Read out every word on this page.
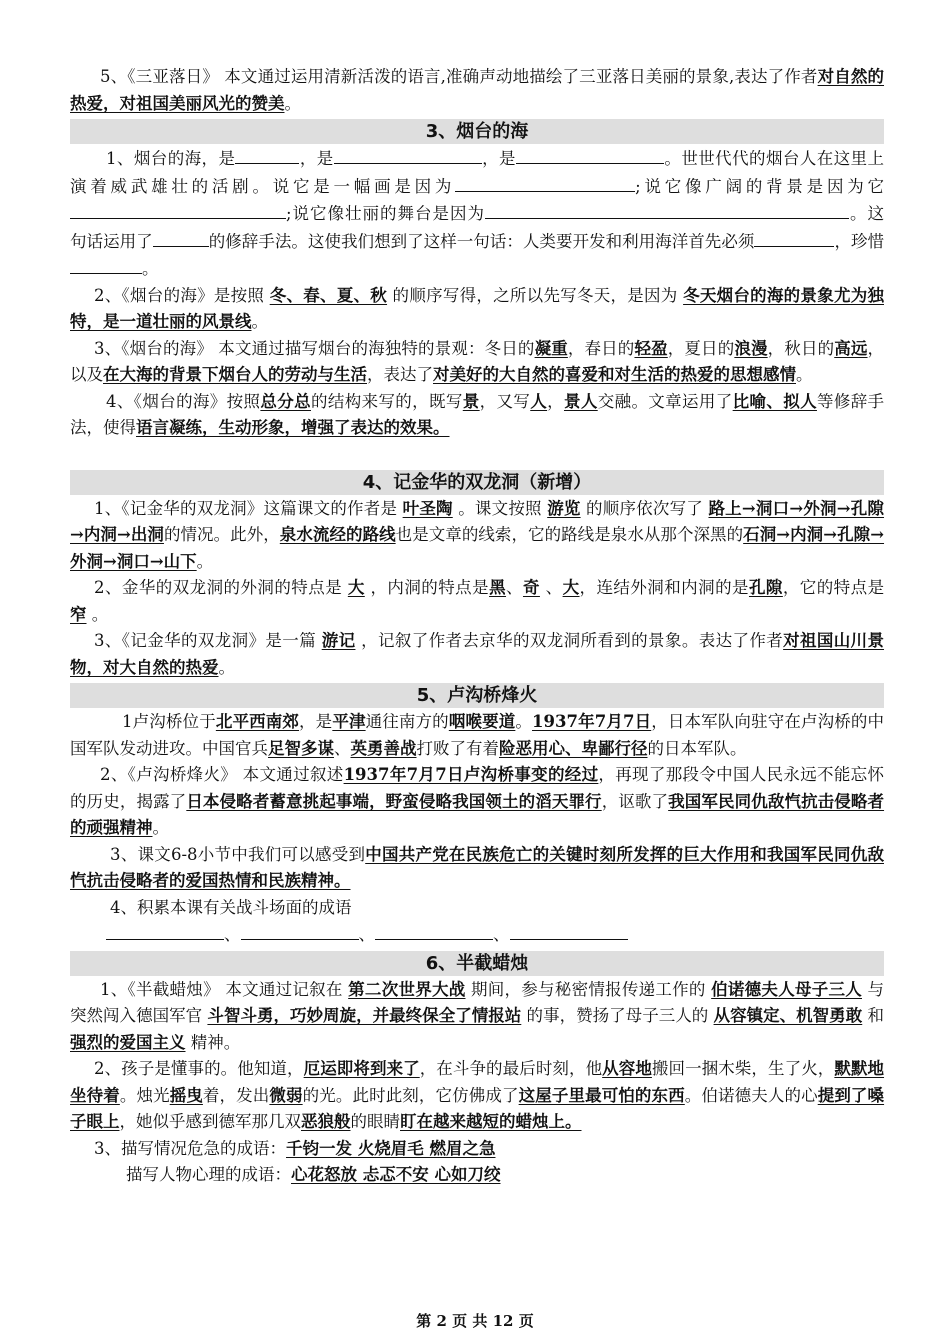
5、《三亚落日》 本文通过运用清新活泼的语言,准确声动地描绘了三亚落日美丽的景象,表达了作者对自然的热爱，对祖国美丽风光的赞美。

3、烟台的海

1、烟台的海，是	，是	，是	。世世代代的烟台人在这里上演着威武雄壮的活剧。说它是一幅画是因为	;说它像广阔的背景是因为它;说它像壮丽的舞台是因为	。这句话运用了	的修辞手法。这使我们想到了这样一句话：人类要开发和利用海洋首先必须	，珍惜。

2、《烟台的海》是按照 冬、春、夏、秋 的顺序写得，之所以先写冬天，是因为 冬天烟台的海的景象尤为独特，是一道壮丽的风景线。

3、《烟台的海》 本文通过描写烟台的海独特的景观：冬日的凝重，春日的轻盈，夏日的浪漫，秋日的高远，以及在大海的背景下烟台人的劳动与生活，表达了对美好的大自然的喜爱和对生活的热爱的思想感情。

4、《烟台的海》按照总分总的结构来写的，既写景，又写人，景人交融。文章运用了比喻、拟人等修辞手法，使得语言凝练，生动形象，增强了表达的效果。

4、记金华的双龙洞（新增）

1、《记金华的双龙洞》这篇课文的作者是 叶圣陶 。课文按照 游览 的顺序依次写了 路上→洞口→外洞→孔隙→内洞→出洞的情况。此外，泉水流经的路线也是文章的线索，它的路线是泉水从那个深黑的石洞→内洞→孔隙→外洞→洞口→山下。

2、金华的双龙洞的外洞的特点是 大 ，内洞的特点是黑、奇 、大，连结外洞和内洞的是孔隙，它的特点是 窄 。

3、《记金华的双龙洞》是一篇 游记 ，记叙了作者去京华的双龙洞所看到的景象。表达了作者对祖国山川景物，对大自然的热爱。

5、卢沟桥烽火

1卢沟桥位于北平西南郊，是平津通往南方的咽喉要道。1937年7月7日，日本军队向驻守在卢沟桥的中国军队发动进攻。中国官兵足智多谋、英勇善战打败了有着险恶用心、卑鄙行径的日本军队。

2、《卢沟桥烽火》 本文通过叙述1937年7月7日卢沟桥事变的经过，再现了那段令中国人民永远不能忘怀的历史，揭露了日本侵略者蓄意挑起事端，野蛮侵略我国领土的滔天罪行，讴歌了我国军民同仇敌忾抗击侵略者的顽强精神。

3、课文6-8小节中我们可以感受到中国共产党在民族危亡的关键时刻所发挥的巨大作用和我国军民同仇敌忾抗击侵略者的爱国热情和民族精神。

4、积累本课有关战斗场面的成语

、	、	、

6、半截蜡烛

1、《半截蜡烛》 本文通过记叙在 第二次世界大战 期间，参与秘密情报传递工作的 伯诺德夫人母子三人 与突然闯入德国军官 斗智斗勇，巧妙周旋，并最终保全了情报站 的事，赞扬了母子三人的 从容镇定、机智勇敢 和 强烈的爱国主义 精神。

2、孩子是懂事的。他知道，厄运即将到来了，在斗争的最后时刻，他从容地搬回一捆木柴，生了火，默默地坐待着。烛光摇曳着，发出微弱的光。此时此刻，它仿佛成了这屋子里最可怕的东西。伯诺德夫人的心提到了嗓子眼上，她似乎感到德军那几双恶狼般的眼睛盯在越来越短的蜡烛上。

3、描写情况危急的成语：千钧一发 火烧眉毛 燃眉之急

描写人物心理的成语：心花怒放 忐忑不安 心如刀绞

第 2 页 共 12 页
